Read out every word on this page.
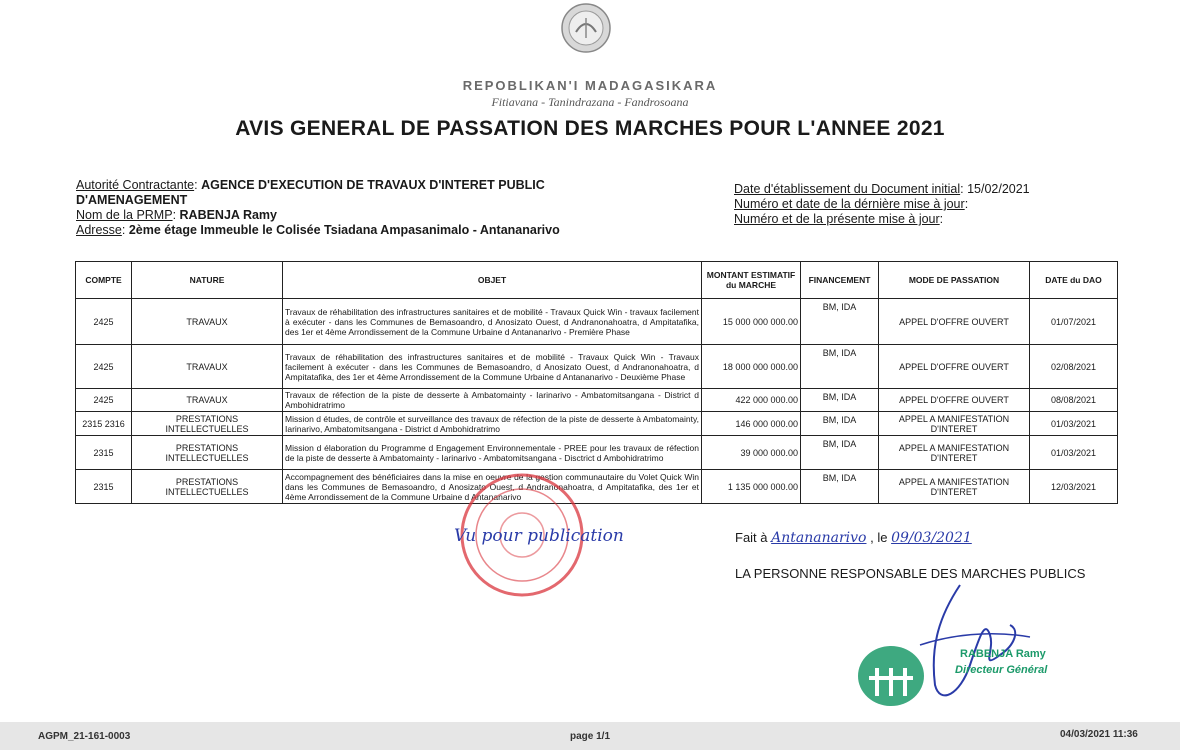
REPOBLIKAN'I MADAGASIKARA
Fitiavana - Tanindrazana - Fandrosoana
AVIS GENERAL DE PASSATION DES MARCHES POUR L'ANNEE 2021
Autorité Contractante: AGENCE D'EXECUTION DE TRAVAUX D'INTERET PUBLIC
D'AMENAGEMENT
Nom de la PRMP: RABENJA Ramy
Adresse: 2ème étage Immeuble le Colisée Tsiadana Ampasanimalo - Antananarivo
Date d'établissement du Document initial: 15/02/2021
Numéro et date de la dérnière mise à jour:
Numéro et de la présente mise à jour:
COMPTE	NATURE	OBJET	MONTANT ESTIMATIF du MARCHE	FINANCEMENT	MODE DE PASSATION	DATE du DAO
2425	TRAVAUX	Travaux de réhabilitation des infrastructures sanitaires et de mobilité - Travaux Quick Win - travaux facilement à exécuter - dans les Communes de Bemasoandro, d Anosizato Ouest, d Andranonahoatra, d Ampitatafika, des 1er et 4ème Arrondissement de la Commune Urbaine d Antananarivo - Première Phase	15 000 000 000.00	BM, IDA	APPEL D'OFFRE OUVERT	01/07/2021
2425	TRAVAUX	Travaux de réhabilitation des infrastructures sanitaires et de mobilité - Travaux Quick Win - Travaux facilement à exécuter - dans les Communes de Bemasoandro, d Anosizato Ouest, d Andranonahoatra, d Ampitatafika, des 1er et 4ème Arrondissement de la Commune Urbaine d Antananarivo - Deuxième Phase	18 000 000 000.00	BM, IDA	APPEL D'OFFRE OUVERT	02/08/2021
2425	TRAVAUX	Travaux de réfection de la piste de desserte à Ambatomainty - Iarinarivo - Ambatomitsangana - District d Ambohidratrimo	422 000 000.00	BM, IDA	APPEL D'OFFRE OUVERT	08/08/2021
2315 2316	PRESTATIONS INTELLECTUELLES	Mission d études, de contrôle et surveillance des travaux de réfection de la piste de desserte à Ambatomainty, Iarinarivo, Ambatomitsangana - District d Ambohidratrimo	146 000 000.00	BM, IDA	APPEL A MANIFESTATION D'INTERET	01/03/2021
2315	PRESTATIONS INTELLECTUELLES	Mission d élaboration du Programme d Engagement Environnementale - PREE pour les travaux de réfection de la piste de desserte à Ambatomainty - Iarinarivo - Ambatomitsangana - Disctrict d Ambohidratrimo	39 000 000.00	BM, IDA	APPEL A MANIFESTATION D'INTERET	01/03/2021
2315	PRESTATIONS INTELLECTUELLES	Accompagnement des bénéficiaires dans la mise en oeuvre de la gestion communautaire du Volet Quick Win dans les Communes de Bemasoandro, d Anosizato Ouest, d Andranonahoatra, d Ampitatafika, des 1er et 4ème Arrondissement de la Commune Urbaine d Antananarivo	1 135 000 000.00	BM, IDA	APPEL A MANIFESTATION D'INTERET	12/03/2021
Vu pour publication	Fait à Antananarivo , le 09/03/2021
LA PERSONNE RESPONSABLE DES MARCHES PUBLICS
RABENJA Ramy
Directeur Général
AGPM_21-161-0003	page 1/1	04/03/2021 11:36
